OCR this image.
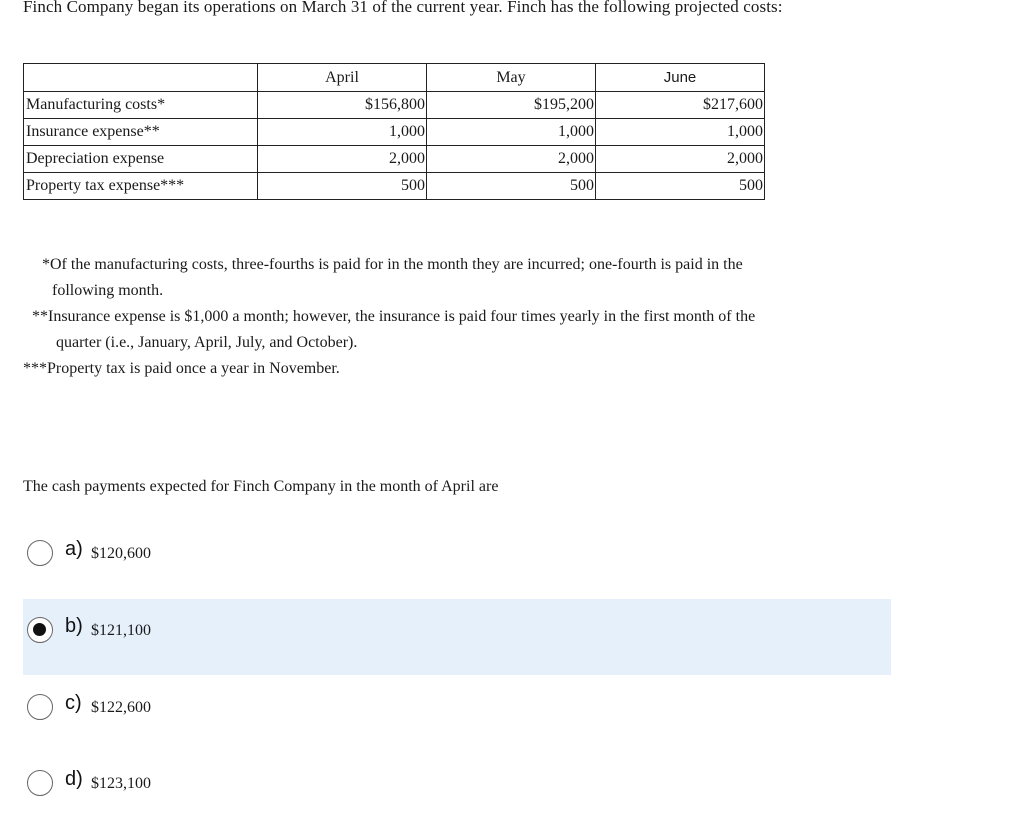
Finch Company began its operations on March 31 of the current year. Finch has the following projected costs:
	April	May	June
Manufacturing costs*	$156,800	$195,200	$217,600
Insurance expense**	1,000	1,000	1,000
Depreciation expense	2,000	2,000	2,000
Property tax expense***	500	500	500
*Of the manufacturing costs, three-fourths is paid for in the month they are incurred; one-fourth is paid in the
following month.
**Insurance expense is $1,000 a month; however, the insurance is paid four times yearly in the first month of the
quarter (i.e., January, April, July, and October).
***Property tax is paid once a year in November.
The cash payments expected for Finch Company in the month of April are
a) $120,600
b) $121,100
c) $122,600
d) $123,100
